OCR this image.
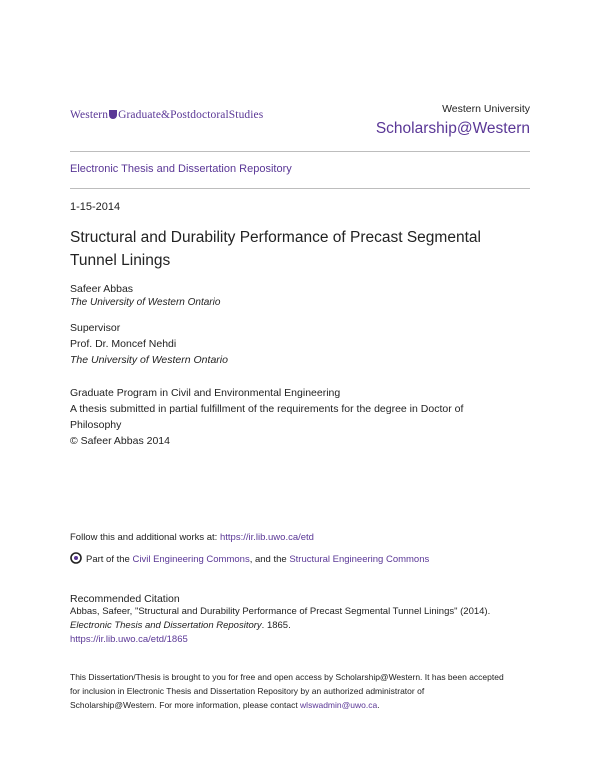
Western Graduate&PostdoctoralStudies	Western University
Scholarship@Western
Electronic Thesis and Dissertation Repository
1-15-2014
Structural and Durability Performance of Precast Segmental Tunnel Linings
Safeer Abbas
The University of Western Ontario
Supervisor
Prof. Dr. Moncef Nehdi
The University of Western Ontario
Graduate Program in Civil and Environmental Engineering
A thesis submitted in partial fulfillment of the requirements for the degree in Doctor of
Philosophy
© Safeer Abbas 2014
Follow this and additional works at: https://ir.lib.uwo.ca/etd
Part of the Civil Engineering Commons, and the Structural Engineering Commons
Recommended Citation
Abbas, Safeer, "Structural and Durability Performance of Precast Segmental Tunnel Linings" (2014).
Electronic Thesis and Dissertation Repository. 1865.
https://ir.lib.uwo.ca/etd/1865
This Dissertation/Thesis is brought to you for free and open access by Scholarship@Western. It has been accepted
for inclusion in Electronic Thesis and Dissertation Repository by an authorized administrator of
Scholarship@Western. For more information, please contact wlswadmin@uwo.ca.
